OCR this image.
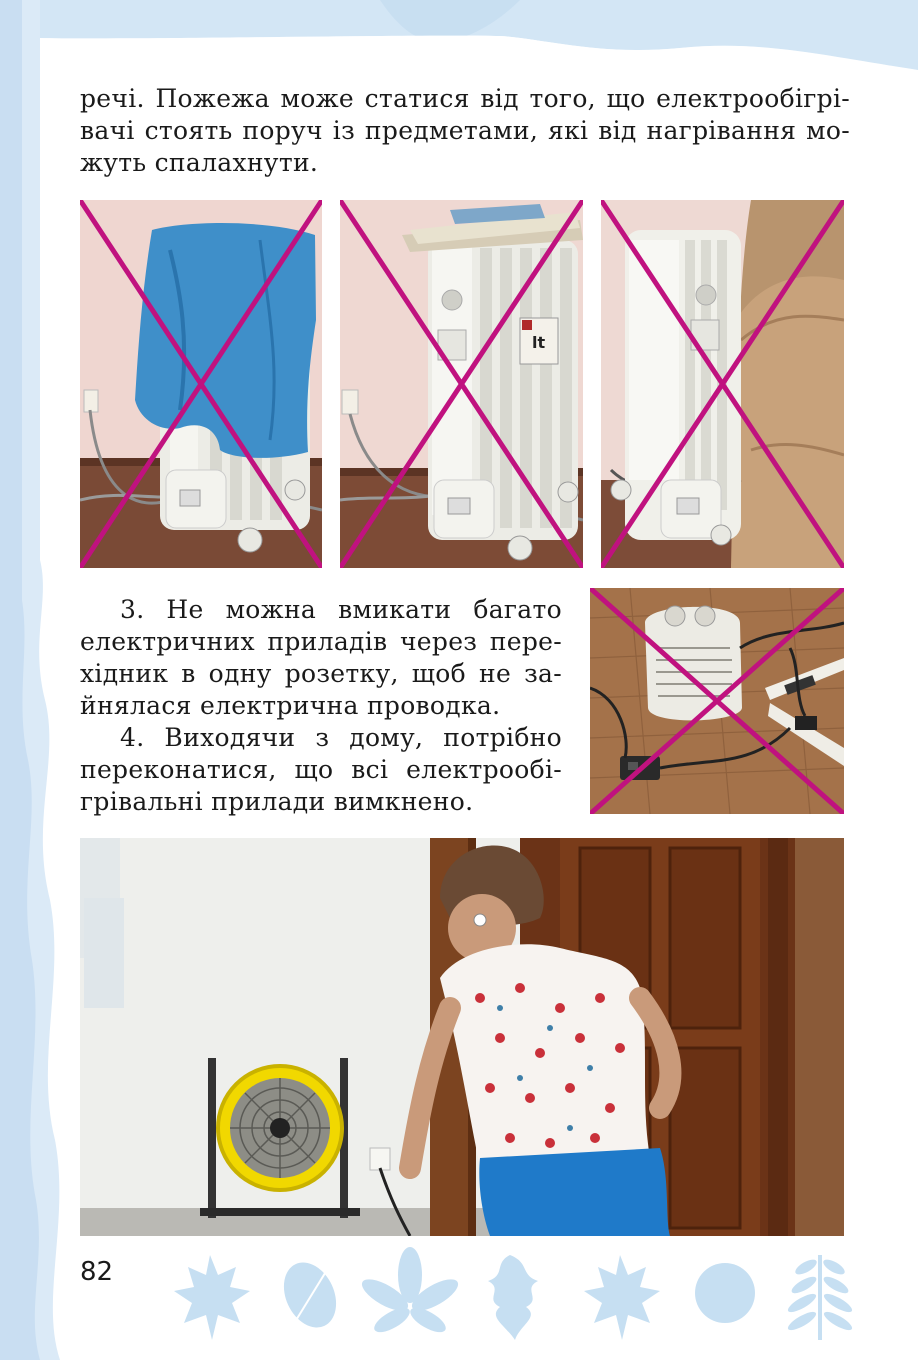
речі. Пожежа може статися від того, що електрообігрі-
вачі стоять поруч із предметами, які від нагрівання мо-
жуть спалахнути.
lt
3. Не можна вмикати багато
електричних приладів через пере-
хідник в одну розетку, щоб не за-
йнялася електрична проводка.
4. Виходячи з дому, потрібно
переконатися, що всі електрообі-
грівальні прилади вимкнено.
82
